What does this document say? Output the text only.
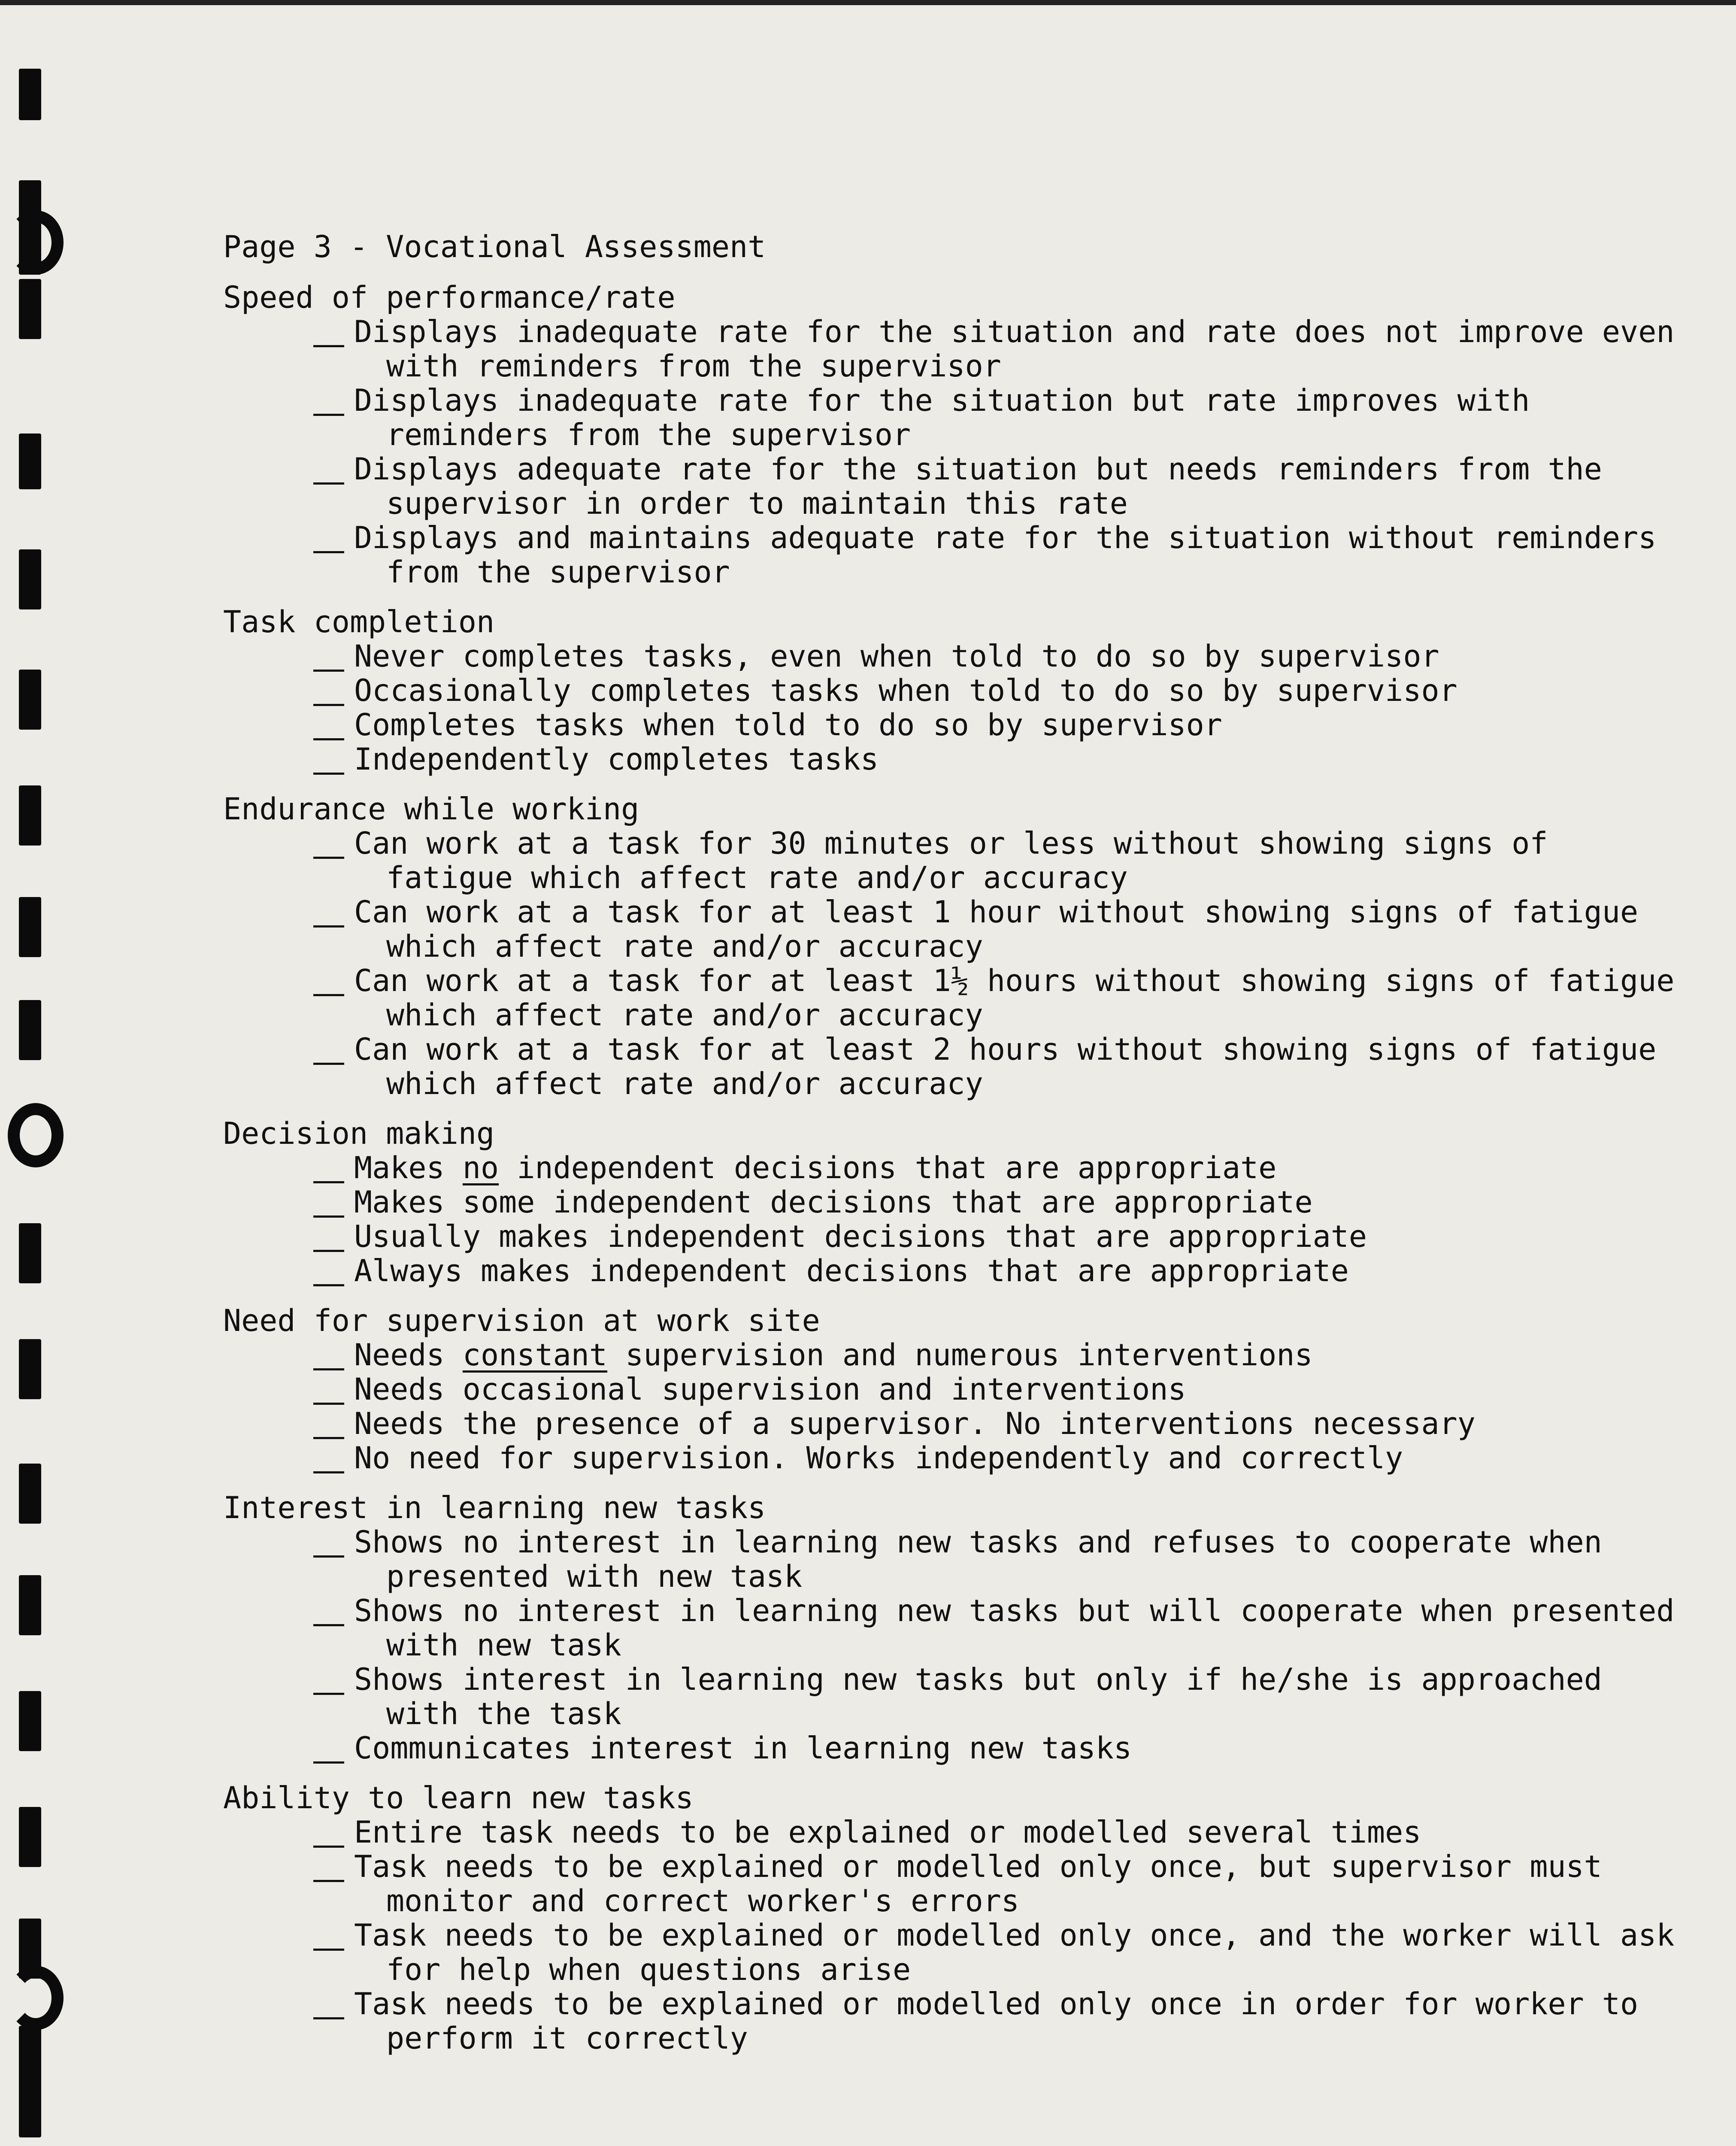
Page 3 - Vocational Assessment
Speed of performance/rate
Displays inadequate rate for the situation and rate does not improve even with reminders from the supervisor
Displays inadequate rate for the situation but rate improves with reminders from the supervisor
Displays adequate rate for the situation but needs reminders from the supervisor in order to maintain this rate
Displays and maintains adequate rate for the situation without reminders from the supervisor
Task completion
Never completes tasks, even when told to do so by supervisor
Occasionally completes tasks when told to do so by supervisor
Completes tasks when told to do so by supervisor
Independently completes tasks
Endurance while working
Can work at a task for 30 minutes or less without showing signs of fatigue which affect rate and/or accuracy
Can work at a task for at least 1 hour without showing signs of fatigue which affect rate and/or accuracy
Can work at a task for at least 1½ hours without showing signs of fatigue which affect rate and/or accuracy
Can work at a task for at least 2 hours without showing signs of fatigue which affect rate and/or accuracy
Decision making
Makes no independent decisions that are appropriate
Makes some independent decisions that are appropriate
Usually makes independent decisions that are appropriate
Always makes independent decisions that are appropriate
Need for supervision at work site
Needs constant supervision and numerous interventions
Needs occasional supervision and interventions
Needs the presence of a supervisor. No interventions necessary
No need for supervision. Works independently and correctly
Interest in learning new tasks
Shows no interest in learning new tasks and refuses to cooperate when presented with new task
Shows no interest in learning new tasks but will cooperate when presented with new task
Shows interest in learning new tasks but only if he/she is approached with the task
Communicates interest in learning new tasks
Ability to learn new tasks
Entire task needs to be explained or modelled several times
Task needs to be explained or modelled only once, but supervisor must monitor and correct worker's errors
Task needs to be explained or modelled only once, and the worker will ask for help when questions arise
Task needs to be explained or modelled only once in order for worker to perform it correctly
